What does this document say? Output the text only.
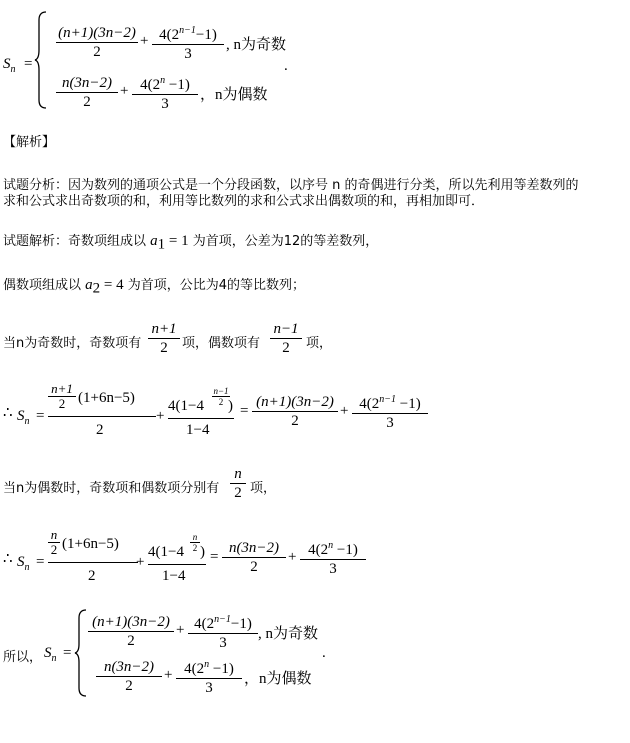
$S_n$ =
(n+1)(3n−2)
2
+ $4(2^{n-1}-1)$
3
, n为奇数
n(3n−2)
2
+ $4(2^n -1)$
3
，n为偶数
.
【解析】
试题分析：因为数列的通项公式是一个分段函数，以序号 n 的奇偶进行分类，所以先利用等差数列的
求和公式求出奇数项的和，利用等比数列的求和公式求出偶数项的和，再相加即可．
试题解析：奇数项组成以 $a_1 = 1$ 为首项，公差为12的等差数列，
偶数项组成以 $a_2 = 4$ 为首项，公比为4的等比数列；
当n为奇数时，奇数项有
n+1
2	项，偶数项有
n−1
2	项，
∴ $S_n$ =
n+1
2 (1+6n−5)
2
+
4(1−4
n−1
2 )
1−4
=
(n+1)(3n−2)
2
+ $4(2^{n-1} -1)$
3
当n为偶数时，奇数项和偶数项分别有
n
2 项，
∴ $S_n$ =
n
2 (1+6n−5)
2
+
4(1−4
n
2 )
1−4
=
n(3n−2)
2
+ $4(2^n -1)$
3
所以， $S_n$ =
(n+1)(3n−2)
2
+ $4(2^{n-1}-1)$
3
, n为奇数
n(3n−2)
2
+ $4(2^n -1)$
3
，n为偶数
.
